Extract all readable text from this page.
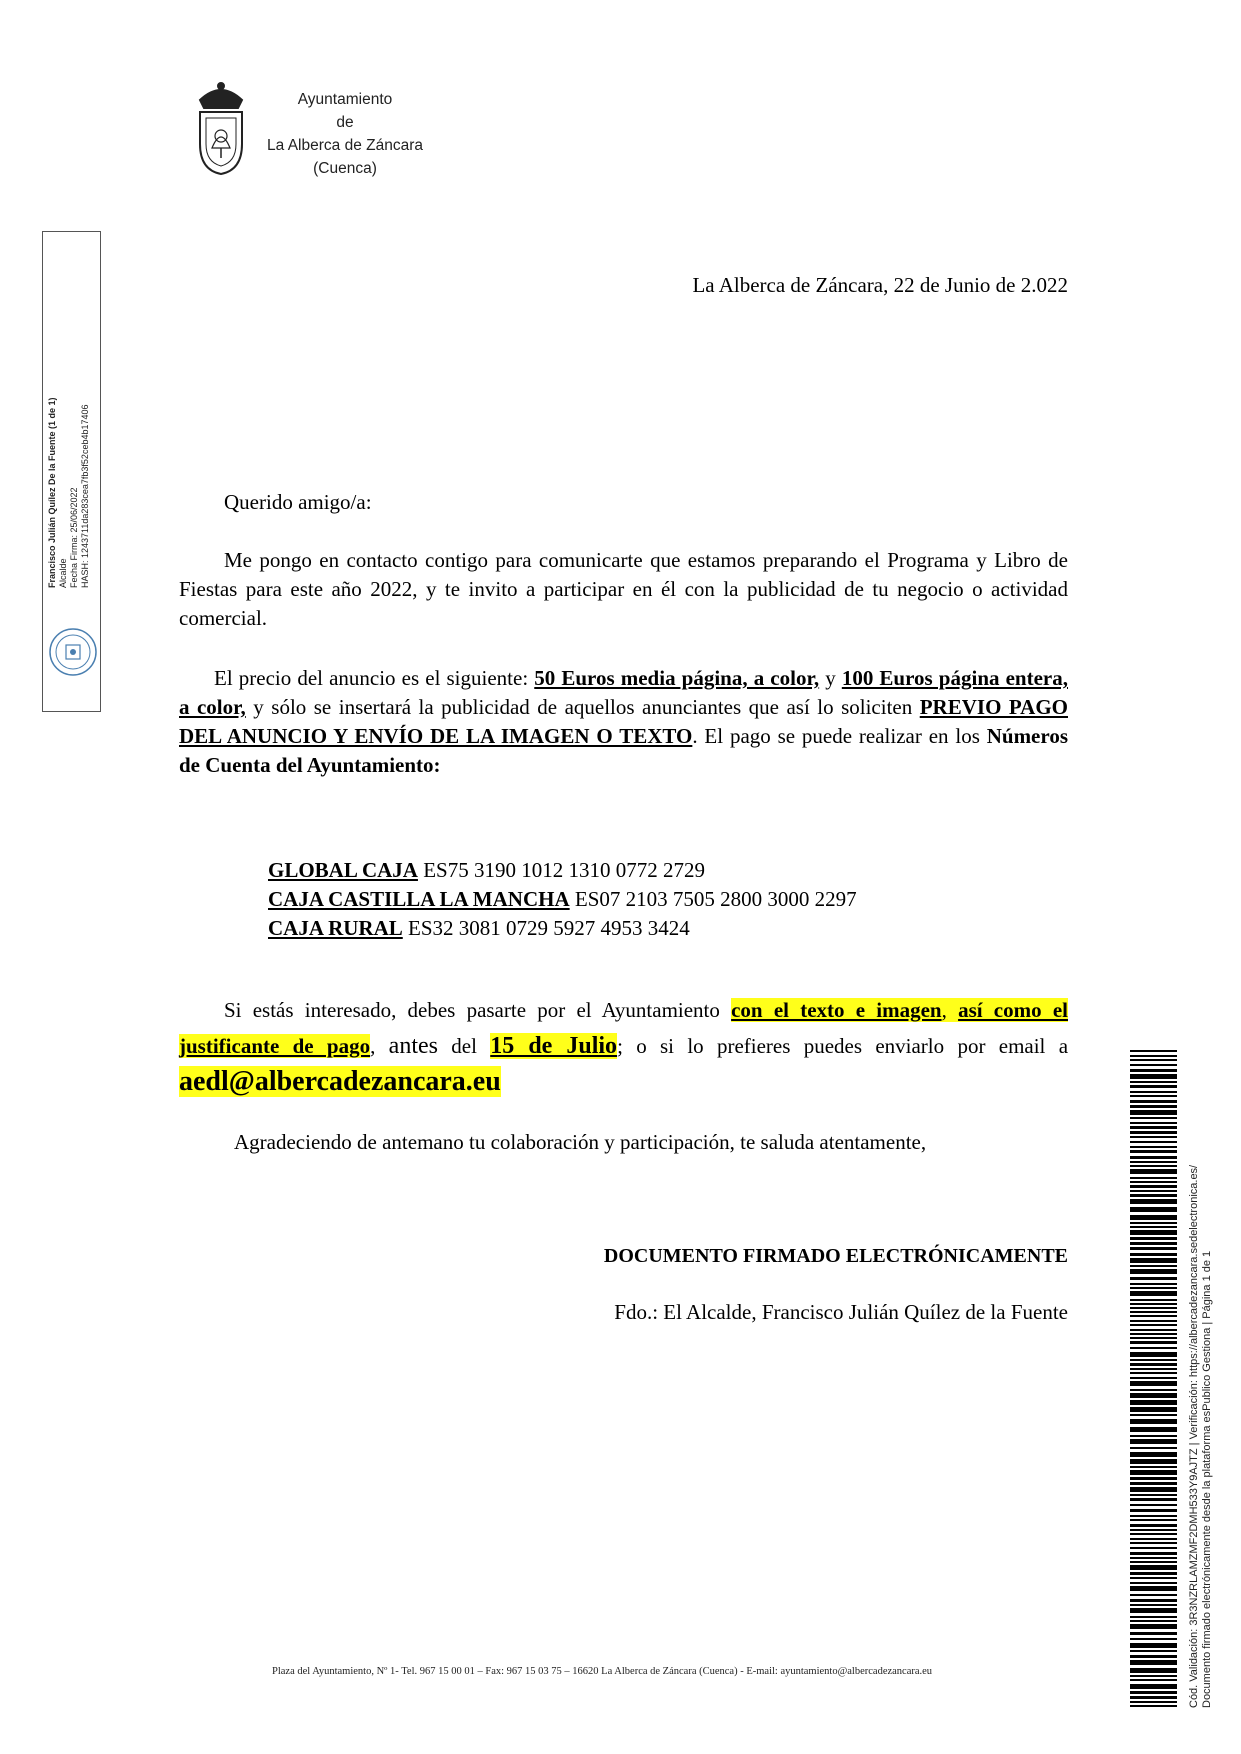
Ayuntamiento
de
La Alberca de Záncara
(Cuenca)
Francisco Julián Quílez De la Fuente (1 de 1) Alcalde Fecha Firma: 25/06/2022 HASH: 1243711da283cea7fb3f52ceb4b17406
La Alberca de Záncara, 22 de Junio de 2.022
Querido amigo/a:
Me pongo en contacto contigo para comunicarte que estamos preparando el Programa y Libro de Fiestas para este año 2022, y te invito a participar en él con la publicidad de tu negocio o actividad comercial.
El precio del anuncio es el siguiente: 50 Euros media página, a color, y 100 Euros página entera, a color, y sólo se insertará la publicidad de aquellos anunciantes que así lo soliciten PREVIO PAGO DEL ANUNCIO Y ENVÍO DE LA IMAGEN O TEXTO. El pago se puede realizar en los Números de Cuenta del Ayuntamiento:
GLOBAL CAJA ES75 3190 1012 1310 0772 2729
CAJA CASTILLA LA MANCHA ES07 2103 7505 2800 3000 2297
CAJA RURAL ES32 3081 0729 5927 4953 3424
Si estás interesado, debes pasarte por el Ayuntamiento con el texto e imagen, así como el justificante de pago, antes del 15 de Julio; o si lo prefieres puedes enviarlo por email a aedl@albercadezancara.eu
Agradeciendo de antemano tu colaboración y participación, te saluda atentamente,
DOCUMENTO FIRMADO ELECTRÓNICAMENTE
Fdo.: El Alcalde, Francisco Julián Quílez de la Fuente
Plaza del Ayuntamiento, Nº 1- Tel. 967 15 00 01 – Fax: 967 15 03 75 – 16620 La Alberca de Záncara (Cuenca) - E-mail: ayuntamiento@albercadezancara.eu	Cód. Validación: 3R3NZRLAMZMF2DMH533Y9AJTZ | Verificación: https://albercadezancara.sedelectronica.es/ Documento firmado electrónicamente desde la plataforma esPublico Gestiona | Página 1 de 1
